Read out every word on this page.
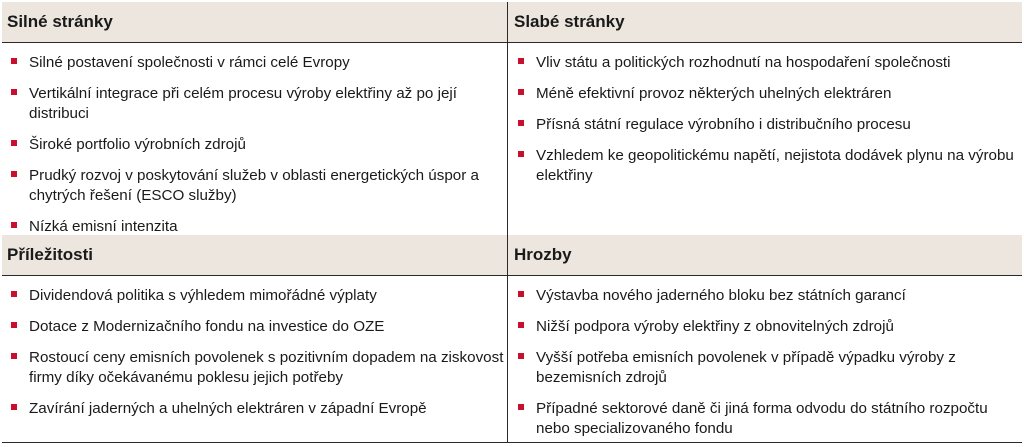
Silné stránky
Silné postavení společnosti v rámci celé Evropy
Vertikální integrace při celém procesu výroby elektřiny až po její distribuci
Široké portfolio výrobních zdrojů
Prudký rozvoj v poskytování služeb v oblasti energetických úspor a chytrých řešení (ESCO služby)
Nízká emisní intenzita
Slabé stránky
Vliv státu a politických rozhodnutí na hospodaření společnosti
Méně efektivní provoz některých uhelných elektráren
Přísná státní regulace výrobního i distribučního procesu
Vzhledem ke geopolitickému napětí, nejistota dodávek plynu na výrobu elektřiny
Příležitosti
Dividendová politika s výhledem mimořádné výplaty
Dotace z Modernizačního fondu na investice do OZE
Rostoucí ceny emisních povolenek s pozitivním dopadem na ziskovost firmy díky očekávanému poklesu jejich potřeby
Zavírání jaderných a uhelných elektráren v západní Evropě
Hrozby
Výstavba nového jaderného bloku bez státních garancí
Nižší podpora výroby elektřiny z obnovitelných zdrojů
Vyšší potřeba emisních povolenek v případě výpadku výroby z bezemisních zdrojů
Případné sektorové daně či jiná forma odvodu do státního rozpočtu nebo specializovaného fondu
